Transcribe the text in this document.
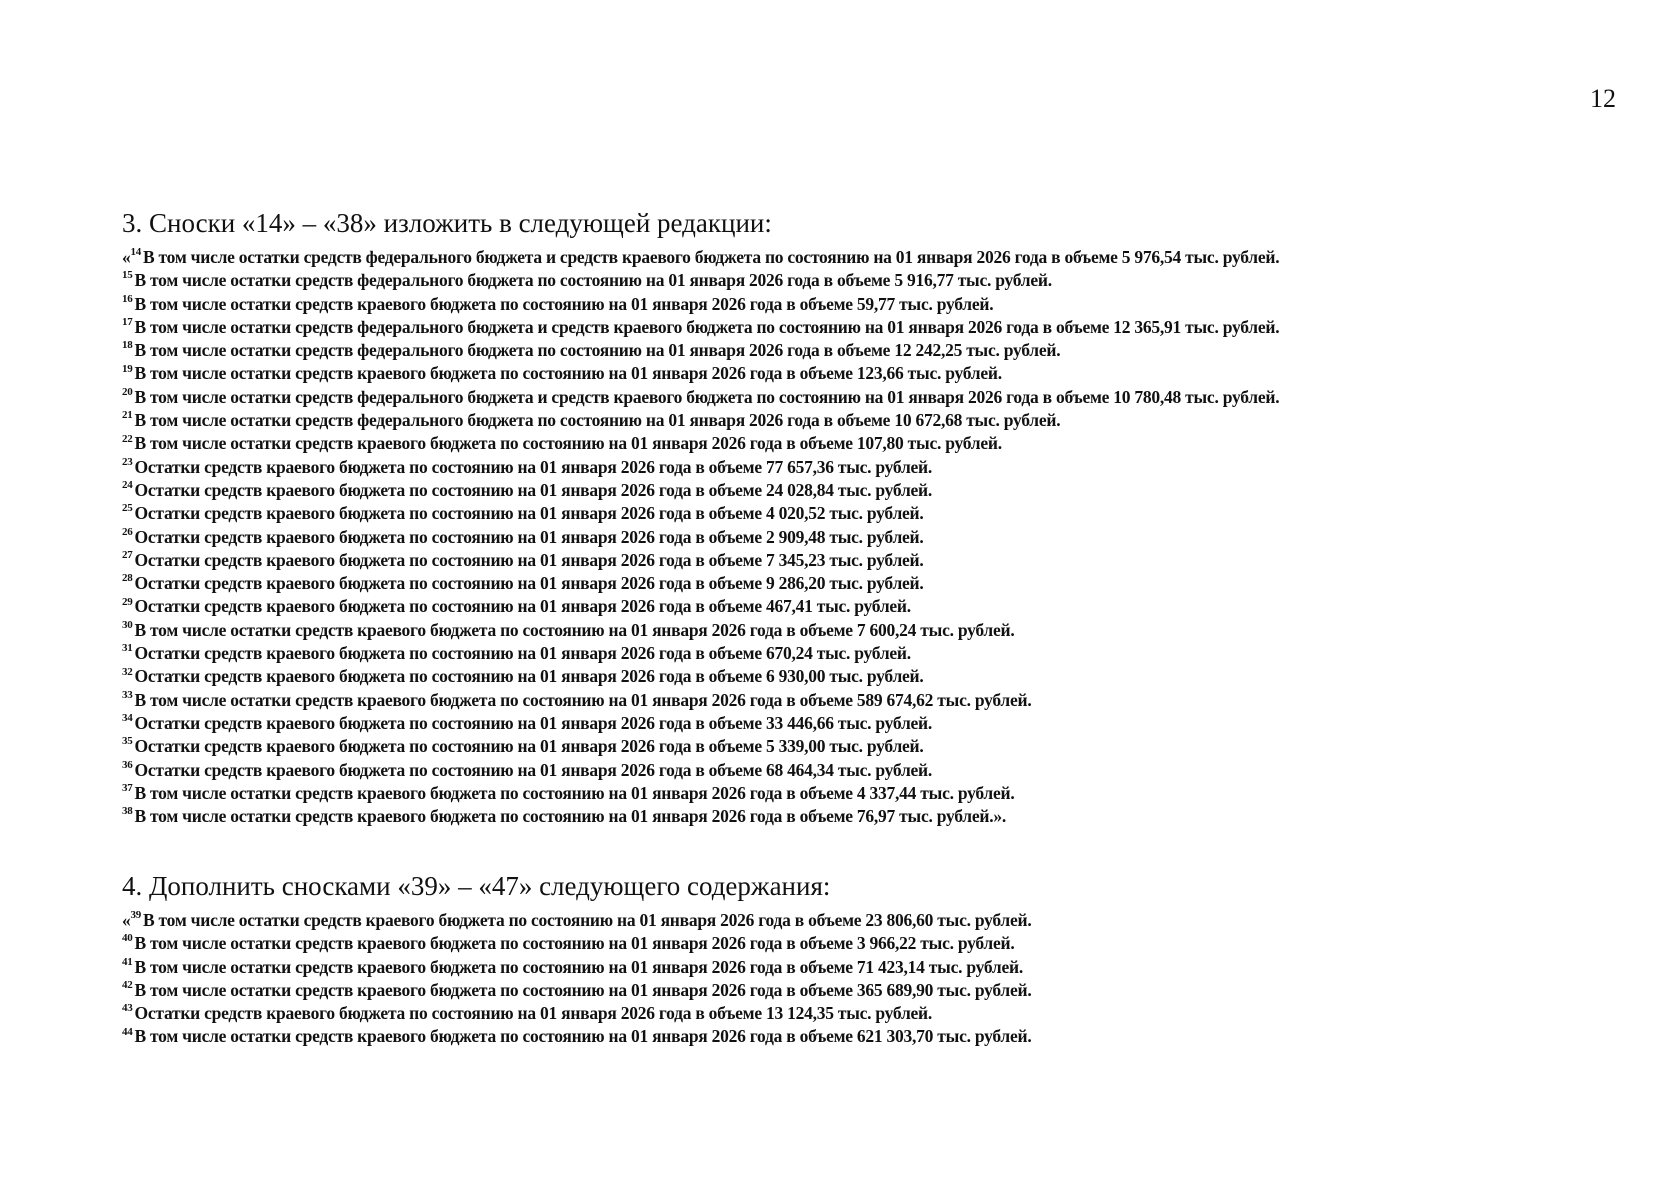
12
3. Сноски «14» – «38» изложить в следующей редакции:
«$^{14}$ В том числе остатки средств федерального бюджета и средств краевого бюджета по состоянию на 01 января 2026 года в объеме 5 976,54 тыс. рублей.
$^{15}$ В том числе остатки средств федерального бюджета по состоянию на 01 января 2026 года в объеме 5 916,77 тыс. рублей.
$^{16}$ В том числе остатки средств краевого бюджета по состоянию на 01 января 2026 года в объеме 59,77 тыс. рублей.
$^{17}$ В том числе остатки средств федерального бюджета и средств краевого бюджета по состоянию на 01 января 2026 года в объеме 12 365,91 тыс. рублей.
$^{18}$ В том числе остатки средств федерального бюджета по состоянию на 01 января 2026 года в объеме 12 242,25 тыс. рублей.
$^{19}$ В том числе остатки средств краевого бюджета по состоянию на 01 января 2026 года в объеме 123,66 тыс. рублей.
$^{20}$ В том числе остатки средств федерального бюджета и средств краевого бюджета по состоянию на 01 января 2026 года в объеме 10 780,48 тыс. рублей.
$^{21}$ В том числе остатки средств федерального бюджета по состоянию на 01 января 2026 года в объеме 10 672,68 тыс. рублей.
$^{22}$ В том числе остатки средств краевого бюджета по состоянию на 01 января 2026 года в объеме 107,80 тыс. рублей.
$^{23}$ Остатки средств краевого бюджета по состоянию на 01 января 2026 года в объеме 77 657,36 тыс. рублей.
$^{24}$ Остатки средств краевого бюджета по состоянию на 01 января 2026 года в объеме 24 028,84 тыс. рублей.
$^{25}$ Остатки средств краевого бюджета по состоянию на 01 января 2026 года в объеме 4 020,52 тыс. рублей.
$^{26}$ Остатки средств краевого бюджета по состоянию на 01 января 2026 года в объеме 2 909,48 тыс. рублей.
$^{27}$ Остатки средств краевого бюджета по состоянию на 01 января 2026 года в объеме 7 345,23 тыс. рублей.
$^{28}$ Остатки средств краевого бюджета по состоянию на 01 января 2026 года в объеме 9 286,20 тыс. рублей.
$^{29}$ Остатки средств краевого бюджета по состоянию на 01 января 2026 года в объеме 467,41 тыс. рублей.
$^{30}$ В том числе остатки средств краевого бюджета по состоянию на 01 января 2026 года в объеме 7 600,24 тыс. рублей.
$^{31}$ Остатки средств краевого бюджета по состоянию на 01 января 2026 года в объеме 670,24 тыс. рублей.
$^{32}$ Остатки средств краевого бюджета по состоянию на 01 января 2026 года в объеме 6 930,00 тыс. рублей.
$^{33}$ В том числе остатки средств краевого бюджета по состоянию на 01 января 2026 года в объеме 589 674,62 тыс. рублей.
$^{34}$ Остатки средств краевого бюджета по состоянию на 01 января 2026 года в объеме 33 446,66 тыс. рублей.
$^{35}$ Остатки средств краевого бюджета по состоянию на 01 января 2026 года в объеме 5 339,00 тыс. рублей.
$^{36}$ Остатки средств краевого бюджета по состоянию на 01 января 2026 года в объеме 68 464,34 тыс. рублей.
$^{37}$ В том числе остатки средств краевого бюджета по состоянию на 01 января 2026 года в объеме 4 337,44 тыс. рублей.
$^{38}$ В том числе остатки средств краевого бюджета по состоянию на 01 января 2026 года в объеме 76,97 тыс. рублей.».
4. Дополнить сносками «39» – «47» следующего содержания:
«$^{39}$ В том числе остатки средств краевого бюджета по состоянию на 01 января 2026 года в объеме 23 806,60 тыс. рублей.
$^{40}$ В том числе остатки средств краевого бюджета по состоянию на 01 января 2026 года в объеме 3 966,22 тыс. рублей.
$^{41}$ В том числе остатки средств краевого бюджета по состоянию на 01 января 2026 года в объеме 71 423,14 тыс. рублей.
$^{42}$ В том числе остатки средств краевого бюджета по состоянию на 01 января 2026 года в объеме 365 689,90 тыс. рублей.
$^{43}$ Остатки средств краевого бюджета по состоянию на 01 января 2026 года в объеме 13 124,35 тыс. рублей.
$^{44}$ В том числе остатки средств краевого бюджета по состоянию на 01 января 2026 года в объеме 621 303,70 тыс. рублей.
